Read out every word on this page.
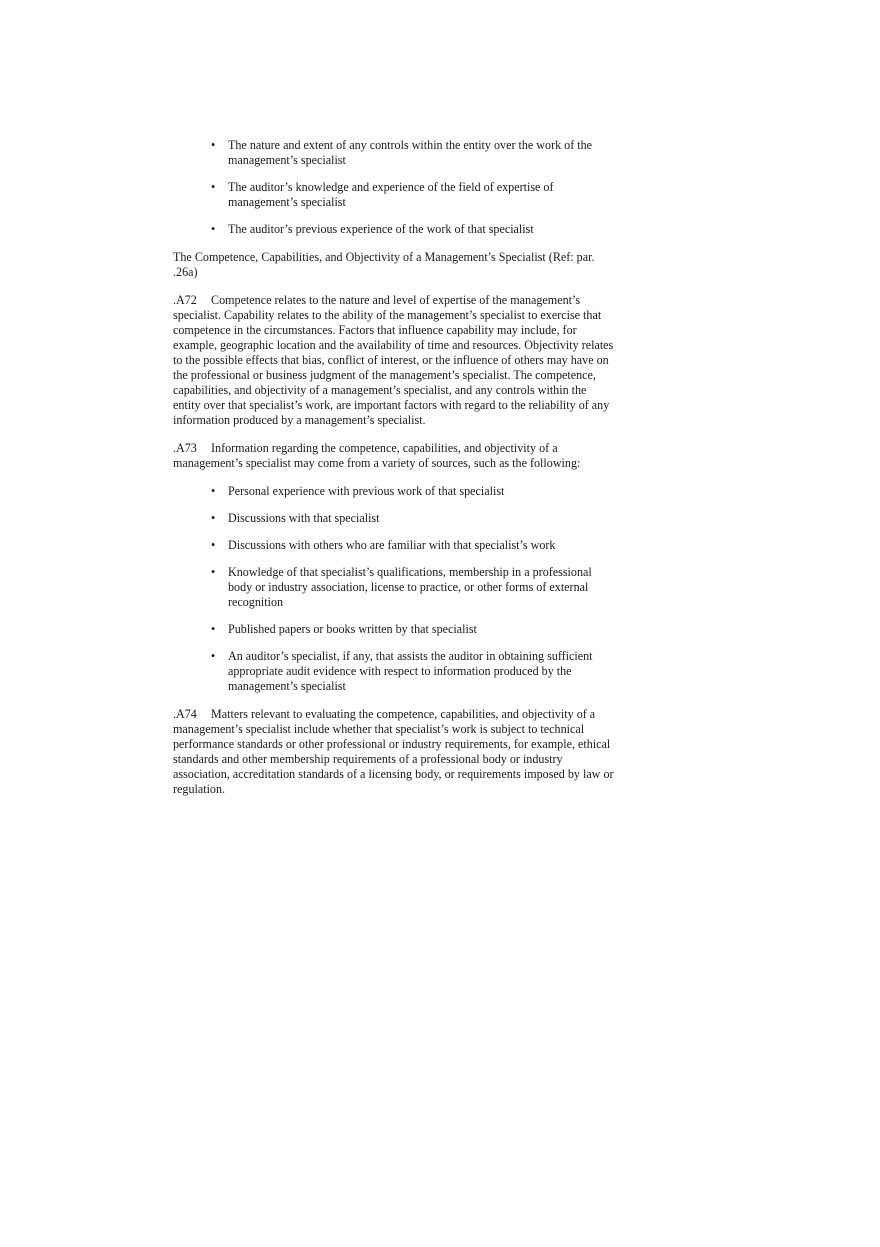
• The nature and extent of any controls within the entity over the work of the management’s specialist
• The auditor’s knowledge and experience of the field of expertise of management’s specialist
• The auditor’s previous experience of the work of that specialist

The Competence, Capabilities, and Objectivity of a Management’s Specialist (Ref: par. .26a)

.A72 Competence relates to the nature and level of expertise of the management’s specialist. Capability relates to the ability of the management’s specialist to exercise that competence in the circumstances. Factors that influence capability may include, for example, geographic location and the availability of time and resources. Objectivity relates to the possible effects that bias, conflict of interest, or the influence of others may have on the professional or business judgment of the management’s specialist. The competence, capabilities, and objectivity of a management’s specialist, and any controls within the entity over that specialist’s work, are important factors with regard to the reliability of any information produced by a management’s specialist.

.A73 Information regarding the competence, capabilities, and objectivity of a management’s specialist may come from a variety of sources, such as the following:

• Personal experience with previous work of that specialist
• Discussions with that specialist
• Discussions with others who are familiar with that specialist’s work
• Knowledge of that specialist’s qualifications, membership in a professional body or industry association, license to practice, or other forms of external recognition
• Published papers or books written by that specialist
• An auditor’s specialist, if any, that assists the auditor in obtaining sufficient appropriate audit evidence with respect to information produced by the management’s specialist

.A74 Matters relevant to evaluating the competence, capabilities, and objectivity of a management’s specialist include whether that specialist’s work is subject to technical performance standards or other professional or industry requirements, for example, ethical standards and other membership requirements of a professional body or industry association, accreditation standards of a licensing body, or requirements imposed by law or regulation.
